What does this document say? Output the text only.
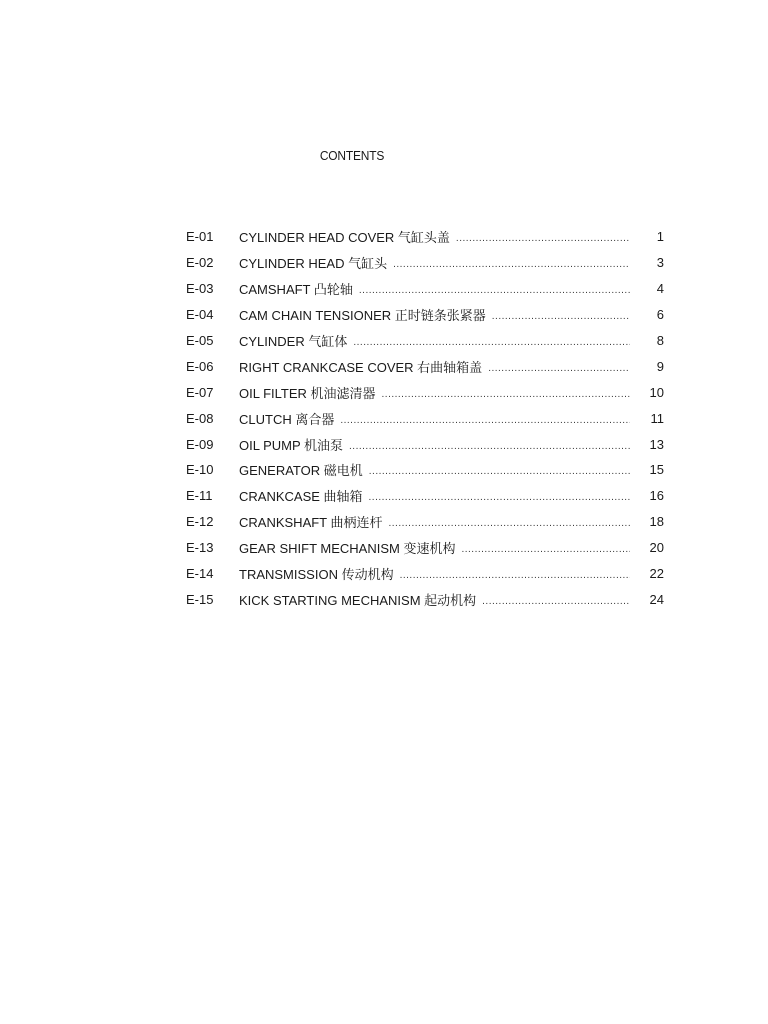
CONTENTS
E-01	CYLINDER HEAD COVER 气缸头盖 .....	1
E-02	CYLINDER HEAD 气缸头 .....	3
E-03	CAMSHAFT 凸轮轴 .....	4
E-04	CAM CHAIN TENSIONER 正时链条张紧器 .....	6
E-05	CYLINDER 气缸体 .....	8
E-06	RIGHT CRANKCASE COVER 右曲轴箱盖 .....	9
E-07	OIL FILTER 机油滤清器 .....	10
E-08	CLUTCH 离合器 .....	11
E-09	OIL PUMP 机油泵 .....	13
E-10	GENERATOR 磁电机 .....	15
E-11	CRANKCASE 曲轴箱 .....	16
E-12	CRANKSHAFT 曲柄连杆 .....	18
E-13	GEAR SHIFT MECHANISM 变速机构 .....	20
E-14	TRANSMISSION 传动机构 .....	22
E-15	KICK STARTING MECHANISM 起动机构 .....	24
